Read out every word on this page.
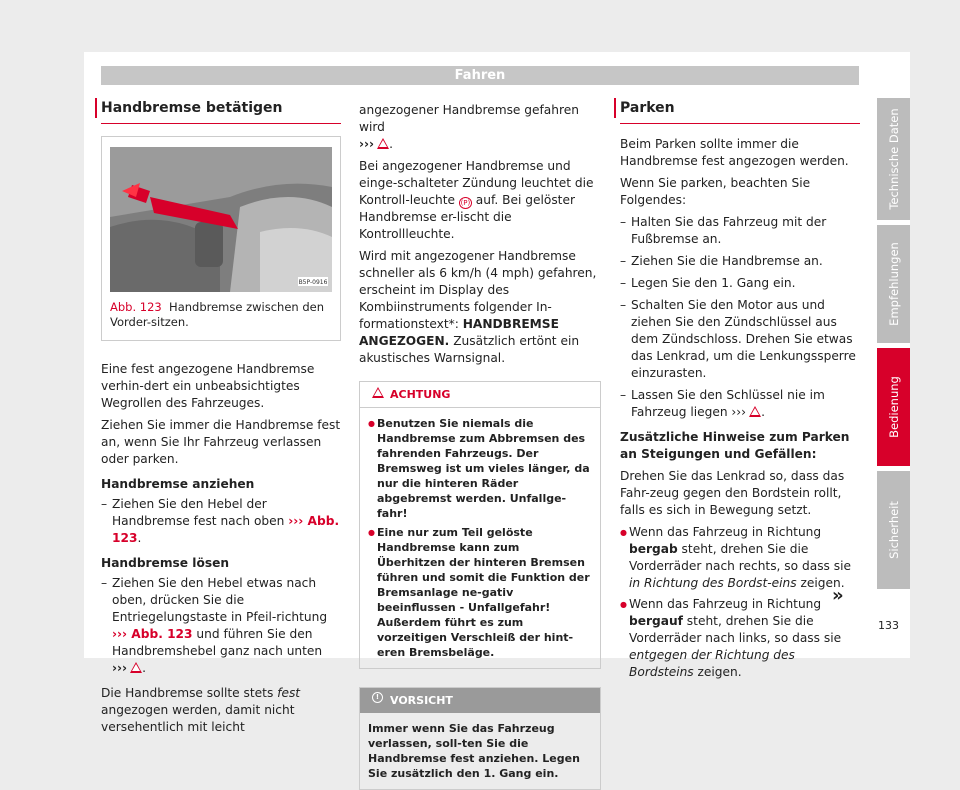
Fahren
Handbremse betätigen
B5P-0916
Abb. 123 Handbremse zwischen den Vorder-sitzen.

Eine fest angezogene Handbremse verhin-dert ein unbeabsichtigtes Wegrollen des Fahrzeuges.

Ziehen Sie immer die Handbremse fest an, wenn Sie Ihr Fahrzeug verlassen oder parken.

Handbremse anziehen
– Ziehen Sie den Hebel der Handbremse fest nach oben ››› Abb. 123.
Handbremse lösen
– Ziehen Sie den Hebel etwas nach oben, drücken Sie die Entriegelungstaste in Pfeil-richtung ››› Abb. 123 und führen Sie den Handbremshebel ganz nach unten ››› .

Die Handbremse sollte stets fest angezogen werden, damit nicht versehentlich mit leicht

angezogener Handbremse gefahren wird
››› .

Bei angezogener Handbremse und einge-schalteter Zündung leuchtet die Kontroll-leuchte (P) auf. Bei gelöster Handbremse er-lischt die Kontrollleuchte.

Wird mit angezogener Handbremse schneller als 6 km/h (4 mph) gefahren, erscheint im Display des Kombiinstruments folgender In-formationstext*: HANDBREMSE ANGEZOGEN. Zusätzlich ertönt ein akustisches Warnsignal.

ACHTUNG
● Benutzen Sie niemals die Handbremse zum Abbremsen des fahrenden Fahrzeugs. Der Bremsweg ist um vieles länger, da nur die hinteren Räder abgebremst werden. Unfallge-fahr!
● Eine nur zum Teil gelöste Handbremse kann zum Überhitzen der hinteren Bremsen führen und somit die Funktion der Bremsanlage ne-gativ beeinflussen - Unfallgefahr! Außerdem führt es zum vorzeitigen Verschleiß der hint-eren Bremsbeläge.
! VORSICHT
Immer wenn Sie das Fahrzeug verlassen, soll-ten Sie die Handbremse fest anziehen. Legen Sie zusätzlich den 1. Gang ein.
Parken

Beim Parken sollte immer die Handbremse fest angezogen werden.

Wenn Sie parken, beachten Sie Folgendes:

– Halten Sie das Fahrzeug mit der Fußbremse an.
– Ziehen Sie die Handbremse an.
– Legen Sie den 1. Gang ein.
– Schalten Sie den Motor aus und ziehen Sie den Zündschlüssel aus dem Zündschloss. Drehen Sie etwas das Lenkrad, um die Lenkungssperre einzurasten.
– Lassen Sie den Schlüssel nie im Fahrzeug liegen ››› .
Zusätzliche Hinweise zum Parken an Steigungen und Gefällen:

Drehen Sie das Lenkrad so, dass das Fahr-zeug gegen den Bordstein rollt, falls es sich in Bewegung setzt.

● Wenn das Fahrzeug in Richtung bergab steht, drehen Sie die Vorderräder nach rechts, so dass sie in Richtung des Bordst-eins zeigen.
● Wenn das Fahrzeug in Richtung bergauf steht, drehen Sie die Vorderräder nach links, so dass sie entgegen der Richtung des Bordsteins zeigen.
»
Technische Daten
Empfehlungen
Bedienung
Sicherheit
133
